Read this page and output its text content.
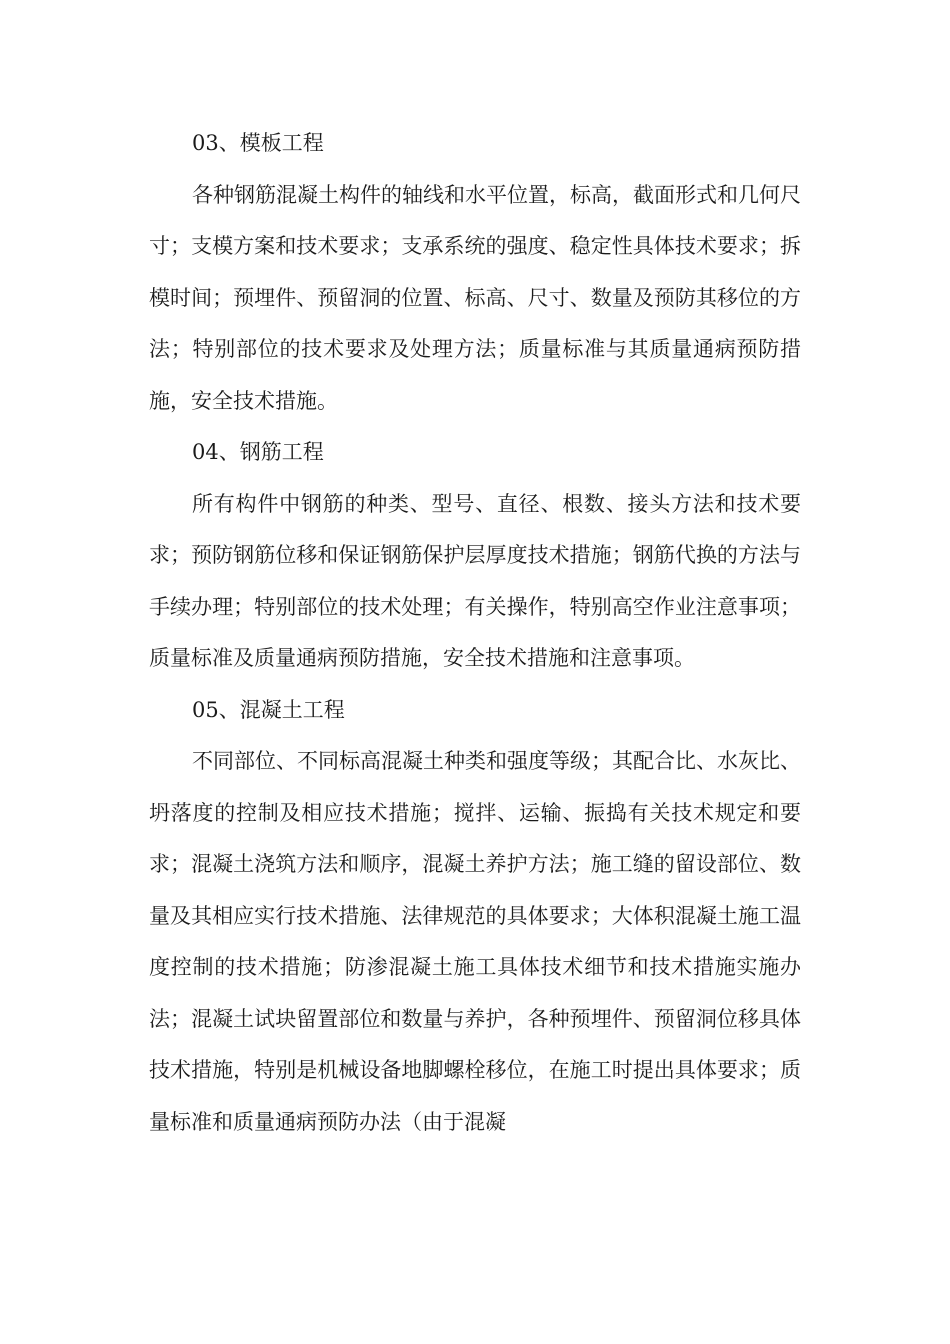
03、模板工程

各种钢筋混凝土构件的轴线和水平位置，标高，截面形式和几何尺寸；支模方案和技术要求；支承系统的强度、稳定性具体技术要求；拆模时间；预埋件、预留洞的位置、标高、尺寸、数量及预防其移位的方法；特别部位的技术要求及处理方法；质量标准与其质量通病预防措施，安全技术措施。

04、钢筋工程

所有构件中钢筋的种类、型号、直径、根数、接头方法和技术要求；预防钢筋位移和保证钢筋保护层厚度技术措施；钢筋代换的方法与手续办理；特别部位的技术处理；有关操作，特别高空作业注意事项；质量标准及质量通病预防措施，安全技术措施和注意事项。

05、混凝土工程

不同部位、不同标高混凝土种类和强度等级；其配合比、水灰比、坍落度的控制及相应技术措施；搅拌、运输、振捣有关技术规定和要求；混凝土浇筑方法和顺序，混凝土养护方法；施工缝的留设部位、数量及其相应实行技术措施、法律规范的具体要求；大体积混凝土施工温度控制的技术措施；防渗混凝土施工具体技术细节和技术措施实施办法；混凝土试块留置部位和数量与养护，各种预埋件、预留洞位移具体技术措施，特别是机械设备地脚螺栓移位，在施工时提出具体要求；质量标准和质量通病预防办法（由于混凝
